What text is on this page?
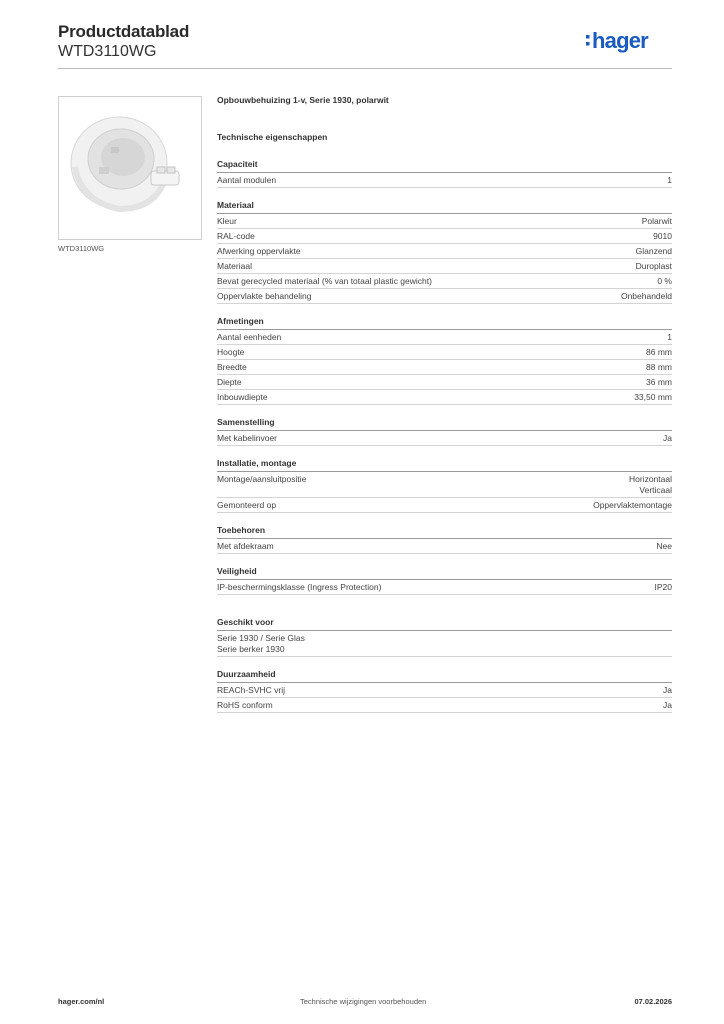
Productdatablad
WTD3110WG	hager
WTD3110WG
Opbouwbehuizing 1-v, Serie 1930, polarwit
Technische eigenschappen
Capaciteit
Aantal modulen	1
Materiaal
Kleur	Polarwit
RAL-code	9010
Afwerking oppervlakte	Glanzend
Materiaal	Duroplast
Bevat gerecycled materiaal (% van totaal plastic gewicht)	0 %
Oppervlakte behandeling	Onbehandeld
Afmetingen
Aantal eenheden	1
Hoogte	86 mm
Breedte	88 mm
Diepte	36 mm
Inbouwdiepte	33,50 mm
Samenstelling
Met kabelinvoer	Ja
Installatie, montage
Montage/aansluitpositie	Horizontaal
Verticaal
Gemonteerd op	Oppervlaktemontage
Toebehoren
Met afdekraam	Nee
Veiligheid
IP-beschermingsklasse (Ingress Protection)	IP20
Geschikt voor
Serie 1930 / Serie Glas
Serie berker 1930
Duurzaamheid
REACh-SVHC vrij	Ja
RoHS conform	Ja
hager.com/nl	Technische wijzigingen voorbehouden	07.02.2026
